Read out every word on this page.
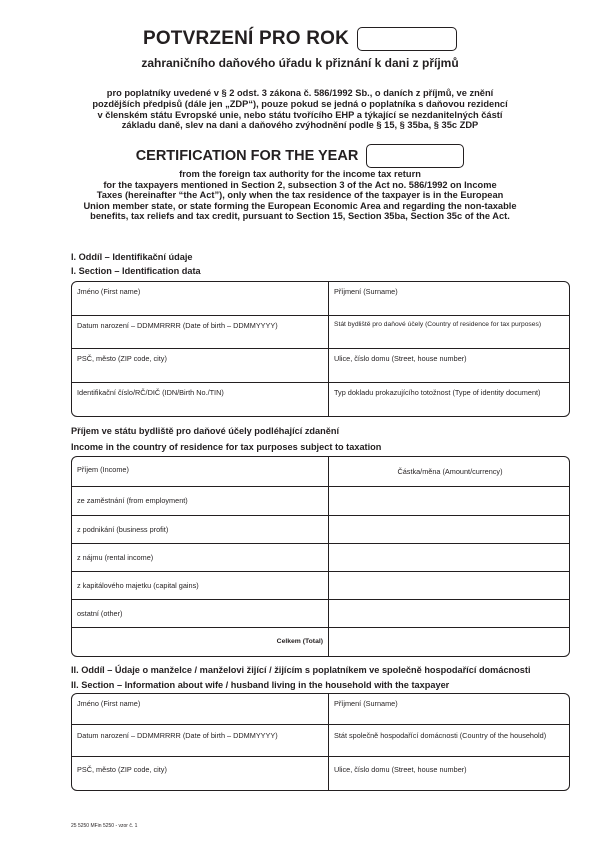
POTVRZENÍ PRO ROK
zahraničního daňového úřadu k přiznání k dani z příjmů

pro poplatníky uvedené v § 2 odst. 3 zákona č. 586/1992 Sb., o daních z příjmů, ve znění

pozdějších předpisů (dále jen „ZDP“), pouze pokud se jedná o poplatníka s daňovou rezidencí

v členském státu Evropské unie, nebo státu tvořícího EHP a týkající se nezdanitelných částí

základu daně, slev na dani a daňového zvýhodnění podle § 15, § 35ba, § 35c ZDP

CERTIFICATION FOR THE YEAR

from the foreign tax authority for the income tax return

for the taxpayers mentioned in Section 2, subsection 3 of the Act no. 586/1992 on Income

Taxes (hereinafter “the Act”), only when the tax residence of the taxpayer is in the European

Union member state, or state forming the European Economic Area and regarding the non-taxable

benefits, tax reliefs and tax credit, pursuant to Section 15, Section 35ba, Section 35c of the Act.

I. Oddíl – Identifikační údaje
I. Section – Identification data
Jméno (First name)	Příjmení (Surname)
Datum narození – DDMMRRRR (Date of birth – DDMMYYYY)	Stát bydliště pro daňové účely (Country of residence for tax purposes)
PSČ, město (ZIP code, city)	Ulice, číslo domu (Street, house number)
Identifikační číslo/RČ/DIČ (IDN/Birth No./TIN)	Typ dokladu prokazujícího totožnost (Type of identity document)
Příjem ve státu bydliště pro daňové účely podléhající zdanění
Income in the country of residence for tax purposes subject to taxation
Příjem (Income)	Částka/měna (Amount/currency)
ze zaměstnání (from employment)
z podnikání (business profit)
z nájmu (rental income)
z kapitálového majetku (capital gains)
ostatní (other)
Celkem (Total)
II. Oddíl – Údaje o manželce / manželovi žijící / žijícím s poplatníkem ve společně hospodařící domácnosti
II. Section – Information about wife / husband living in the household with the taxpayer
Jméno (First name)	Příjmení (Surname)
Datum narození – DDMMRRRR (Date of birth – DDMMYYYY)	Stát společně hospodařící domácnosti (Country of the household)
PSČ, město (ZIP code, city)	Ulice, číslo domu (Street, house number)
25 5250 MFin 5250 - vzor č. 1
